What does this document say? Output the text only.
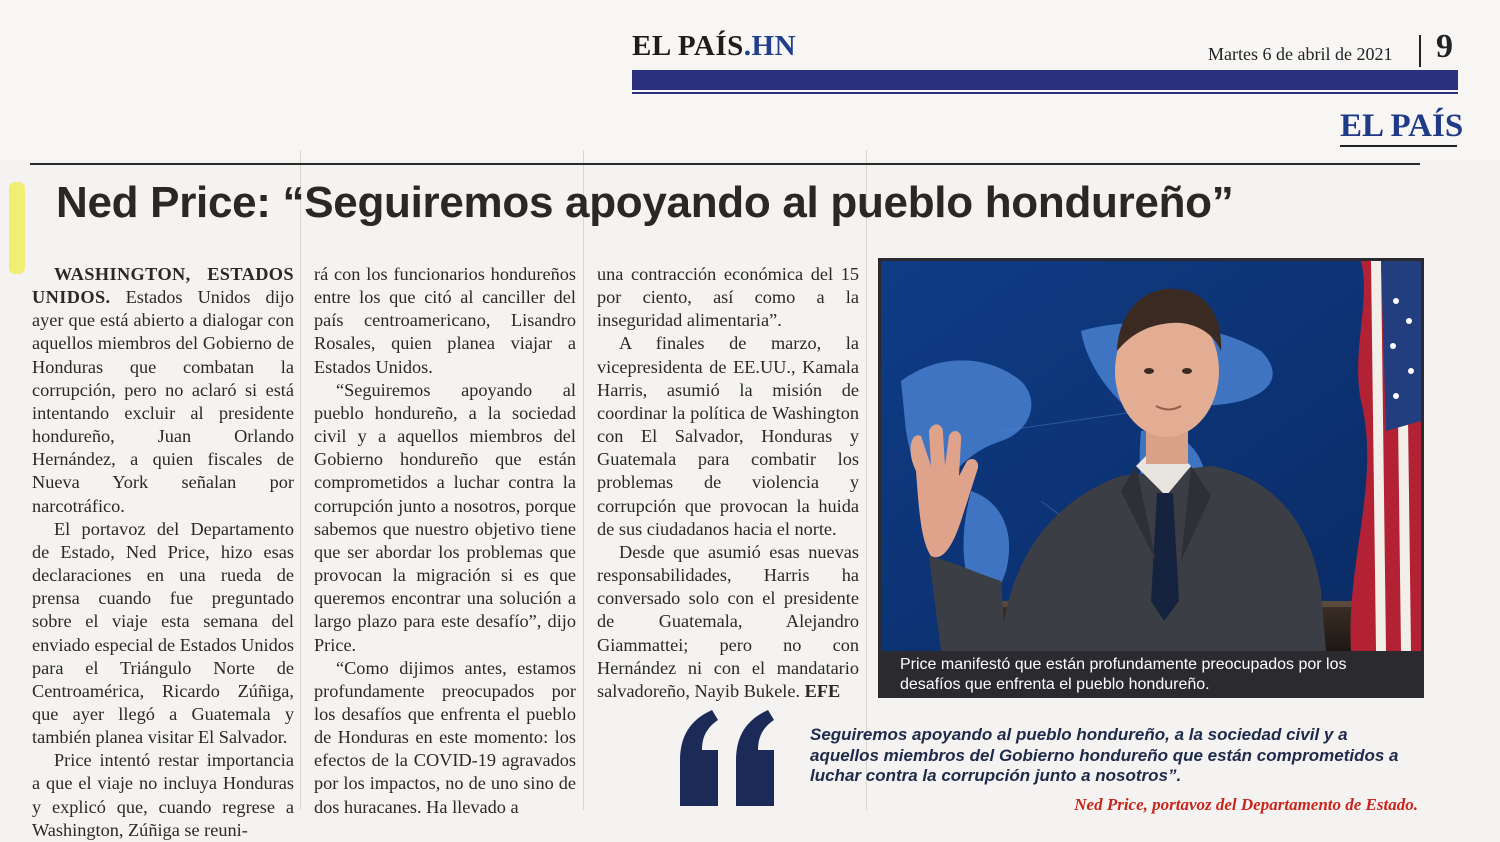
EL PAÍS.HN	Martes 6 de abril de 2021 9
EL PAÍS
Ned Price: “Seguiremos apoyando al pueblo hondureño”

WASHINGTON, ESTADOS UNIDOS. Estados Unidos dijo ayer que está abierto a dialogar con aquellos miembros del Gobierno de Honduras que combatan la corrupción, pero no aclaró si está intentando excluir al presidente hondureño, Juan Orlando Hernández, a quien fiscales de Nueva York señalan por narcotráfico.

El portavoz del Departamento de Estado, Ned Price, hizo esas declaraciones en una rueda de prensa cuando fue preguntado sobre el viaje esta semana del enviado especial de Estados Unidos para el Triángulo Norte de Centroamérica, Ricardo Zúñiga, que ayer llegó a Guatemala y también planea visitar El Salvador.

Price intentó restar importancia a que el viaje no incluya Honduras y explicó que, cuando regrese a Washington, Zúñiga se reuni-

rá con los funcionarios hondureños entre los que citó al canciller del país centroamericano, Lisandro Rosales, quien planea viajar a Estados Unidos.

“Seguiremos apoyando al pueblo hondureño, a la sociedad civil y a aquellos miembros del Gobierno hondureño que están comprometidos a luchar contra la corrupción junto a nosotros, porque sabemos que nuestro objetivo tiene que ser abordar los problemas que provocan la migración si es que queremos encontrar una solución a largo plazo para este desafío”, dijo Price.

“Como dijimos antes, estamos profundamente preocupados por los desafíos que enfrenta el pueblo de Honduras en este momento: los efectos de la COVID-19 agravados por los impactos, no de uno sino de dos huracanes. Ha llevado a

una contracción económica del 15 por ciento, así como a la inseguridad alimentaria”.

A finales de marzo, la vicepresidenta de EE.UU., Kamala Harris, asumió la misión de coordinar la política de Washington con El Salvador, Honduras y Guatemala para combatir los problemas de violencia y corrupción que provocan la huida de sus ciudadanos hacia el norte.

Desde que asumió esas nuevas responsabilidades, Harris ha conversado solo con el presidente de Guatemala, Alejandro Giammattei; pero no con Hernández ni con el mandatario salvadoreño, Nayib Bukele. EFE

Price manifestó que están profundamente preocupados por los desafíos que enfrenta el pueblo hondureño.
Seguiremos apoyando al pueblo hondureño, a la sociedad civil y a aquellos miembros del Gobierno hondureño que están comprometidos a luchar contra la corrupción junto a nosotros”.
Ned Price, portavoz del Departamento de Estado.
